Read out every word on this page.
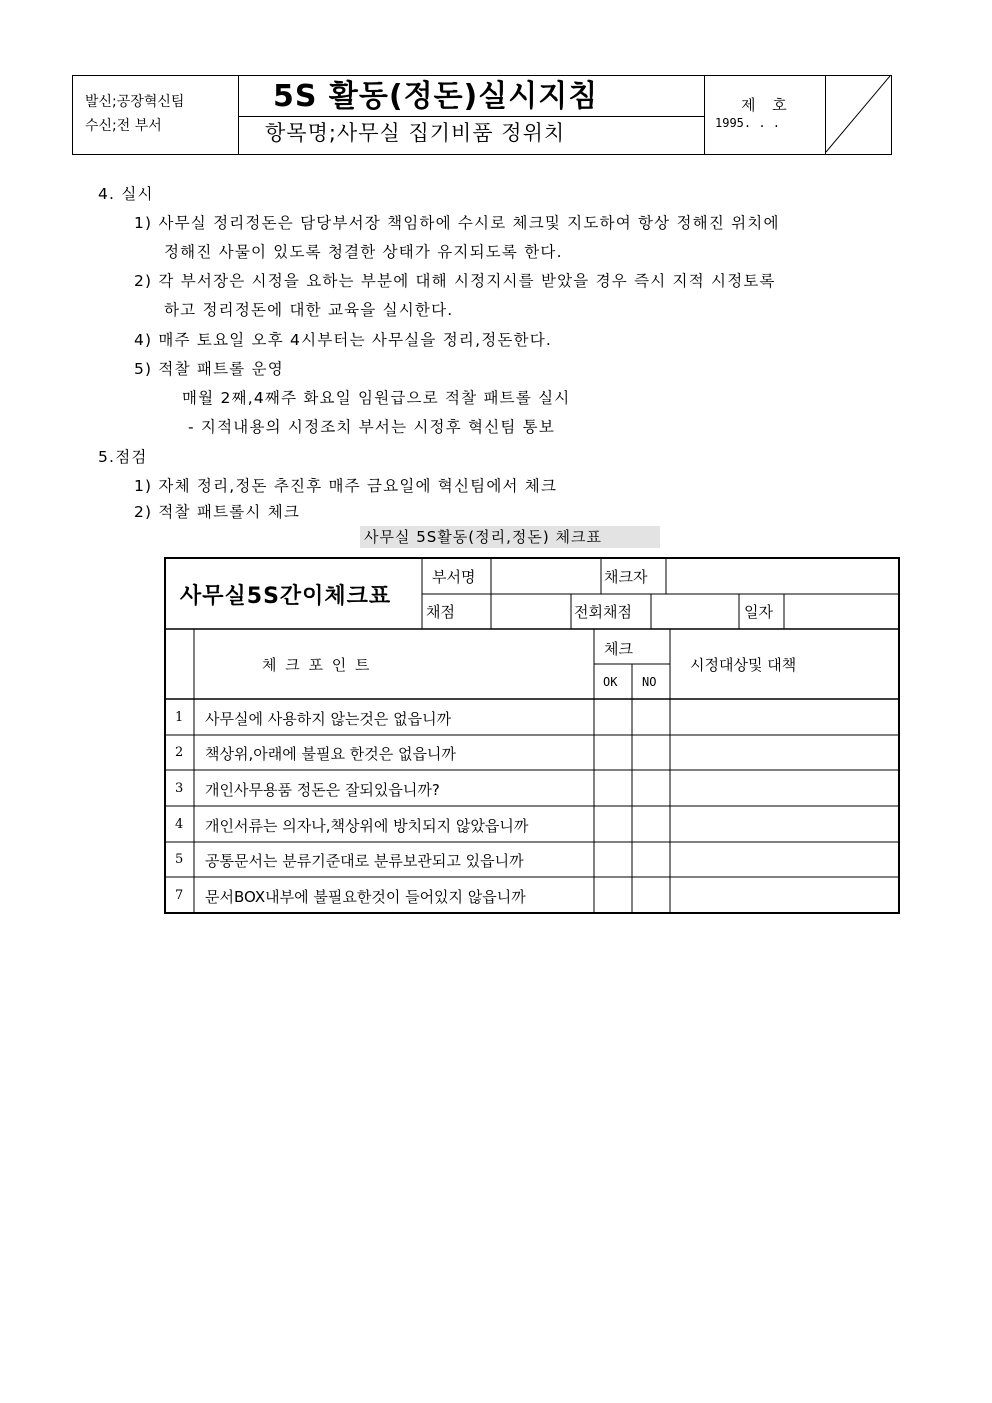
발신;공장혁신팀
수신;전 부서
5S 활동(정돈)실시지침
항목명;사무실 집기비품 정위치
제 호
1995. . .
4. 실시
1) 사무실 정리정돈은 담당부서장 책임하에 수시로 체크및 지도하여 항상 정해진 위치에
정해진 사물이 있도록 청결한 상태가 유지되도록 한다.
2) 각 부서장은 시정을 요하는 부분에 대해 시정지시를 받았을 경우 즉시 지적 시정토록
하고 정리정돈에 대한 교육을 실시한다.
4) 매주 토요일 오후 4시부터는 사무실을 정리,정돈한다.
5) 적찰 패트롤 운영
매월 2째,4째주 화요일 임원급으로 적찰 패트롤 실시
- 지적내용의 시정조치 부서는 시정후 혁신팀 통보
5.점검
1) 자체 정리,정돈 추진후 매주 금요일에 혁신팀에서 체크
2) 적찰 패트롤시 체크
사무실 5S활동(정리,정돈) 체크표
사무실5S간이체크표
부서명	채크자
채점	전회채점	일자
체 크 포 인 트
체크
OK NO
시정대상및 대책
1 사무실에 사용하지 않는것은 없읍니까
2 책상위,아래에 불필요 한것은 없읍니까
3 개인사무용품 정돈은 잘되있읍니까?
4 개인서류는 의자나,책상위에 방치되지 않았읍니까
5 공통문서는 분류기준대로 분류보관되고 있읍니까
7 문서BOX내부에 불필요한것이 들어있지 않읍니까
